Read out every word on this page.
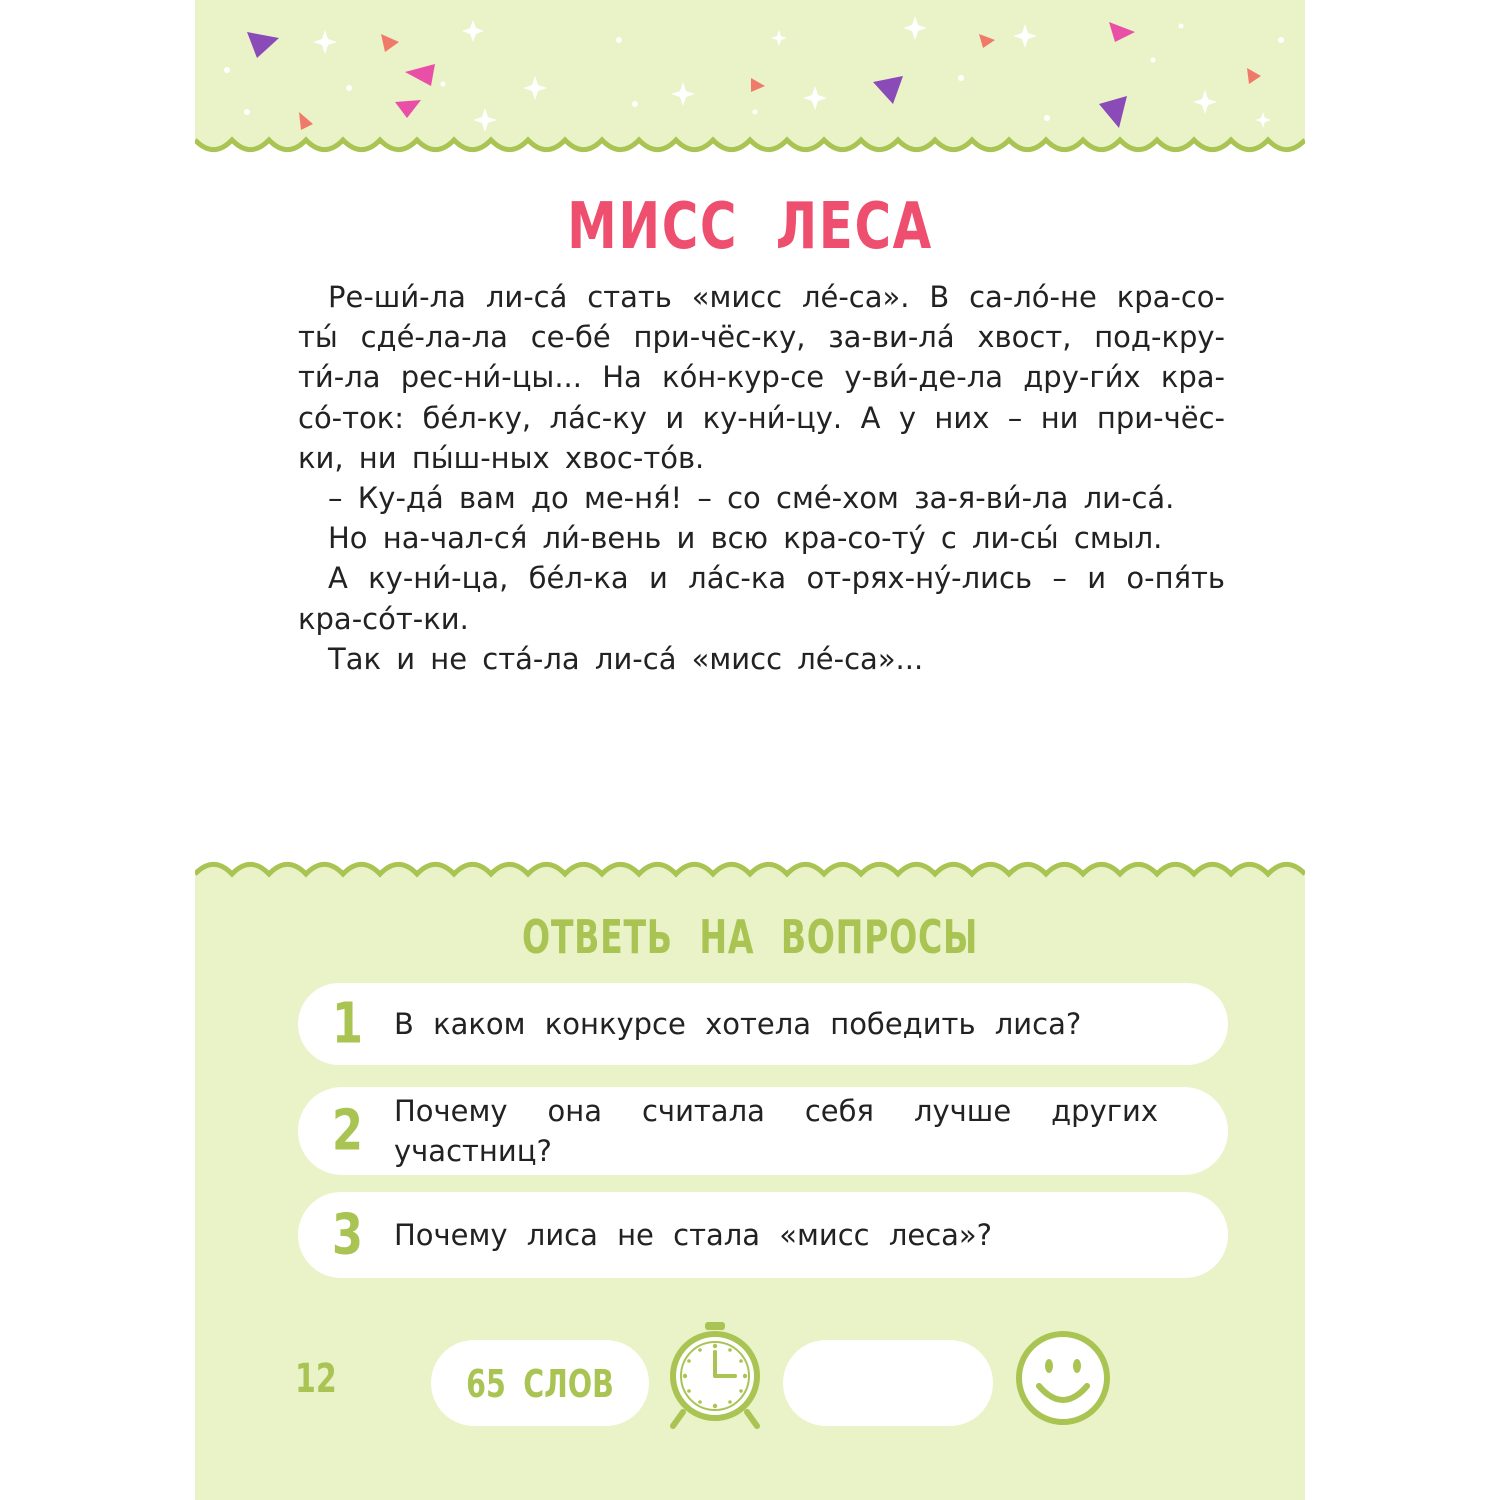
МИСС ЛЕСА

Ре-ши́-ла ли-са́ стать «мисс ле́-са». В са-ло́-не кра-со-ты́ сде́-ла-ла се-бе́ при-чёс-ку, за-ви-ла́ хвост, под-кру-ти́-ла рес-ни́-цы... На ко́н-кур-се у-ви́-де-ла дру-ги́х кра-со́-ток: бе́л-ку, ла́с-ку и ку-ни́-цу. А у них – ни при-чёс-ки, ни пы́ш-ных хвос-то́в.

– Ку-да́ вам до ме-ня́! – со сме́-хом за-я-ви́-ла ли-са́.

Но на-чал-ся́ ли́-вень и всю кра-со-ту́ с ли-сы́ смыл.

А ку-ни́-ца, бе́л-ка и ла́с-ка от-рях-ну́-лись – и о-пя́ть кра-со́т-ки.

Так и не ста́-ла ли-са́ «мисс ле́-са»...

ОТВЕТЬ НА ВОПРОСЫ
1 В каком конкурсе хотела победить лиса?
2 Почему она считала себя лучше других участниц?
3 Почему лиса не стала «мисс леса»?
12	65 СЛОВ
